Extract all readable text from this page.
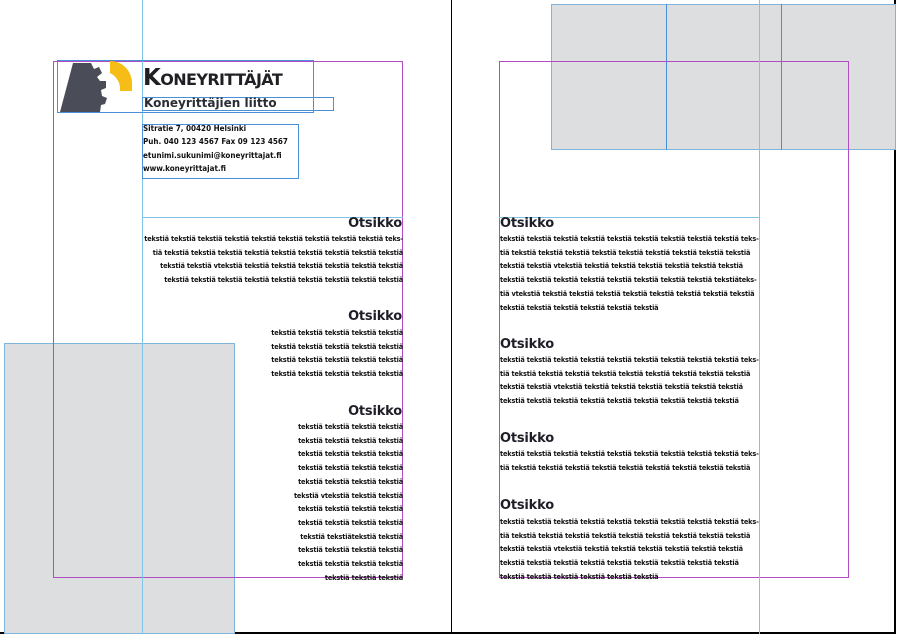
Koneyrittäjät
Koneyrittäjien liitto
Sitratie 7, 00420 Helsinki
Puh. 040 123 4567 Fax 09 123 4567
etunimi.sukunimi@koneyrittajat.fi
www.koneyrittajat.fi
Otsikko
tekstiä tekstiä tekstiä tekstiä tekstiä tekstiä tekstiä tekstiä tekstiä teks-
tiä tekstiä tekstiä tekstiä tekstiä tekstiä tekstiä tekstiä tekstiä tekstiä
tekstiä tekstiä vtekstiä tekstiä tekstiä tekstiä tekstiä tekstiä tekstiä
tekstiä tekstiä tekstiä tekstiä tekstiä tekstiä tekstiä tekstiä tekstiä
Otsikko
tekstiä tekstiä tekstiä tekstiä tekstiä
tekstiä tekstiä tekstiä tekstiä tekstiä
tekstiä tekstiä tekstiä tekstiä tekstiä
tekstiä tekstiä tekstiä tekstiä tekstiä
Otsikko
tekstiä tekstiä tekstiä tekstiä
tekstiä tekstiä tekstiä tekstiä
tekstiä tekstiä tekstiä tekstiä
tekstiä tekstiä tekstiä tekstiä
tekstiä tekstiä tekstiä tekstiä
tekstiä vtekstiä tekstiä tekstiä
tekstiä tekstiä tekstiä tekstiä
tekstiä tekstiä tekstiä tekstiä
tekstiä tekstiätekstiä tekstiä
tekstiä tekstiä tekstiä tekstiä
tekstiä tekstiä tekstiä tekstiä
tekstiä tekstiä tekstiä
Otsikko
tekstiä tekstiä tekstiä tekstiä tekstiä tekstiä tekstiä tekstiä tekstiä teks-
tiä tekstiä tekstiä tekstiä tekstiä tekstiä tekstiä tekstiä tekstiä tekstiä
tekstiä tekstiä vtekstiä tekstiä tekstiä tekstiä tekstiä tekstiä tekstiä
tekstiä tekstiä tekstiä tekstiä tekstiä tekstiä tekstiä tekstiä tekstiäteks-
tiä vtekstiä tekstiä tekstiä tekstiä tekstiä tekstiä tekstiä tekstiä tekstiä
tekstiä tekstiä tekstiä tekstiä tekstiä tekstiä
Otsikko
tekstiä tekstiä tekstiä tekstiä tekstiä tekstiä tekstiä tekstiä tekstiä teks-
tiä tekstiä tekstiä tekstiä tekstiä tekstiä tekstiä tekstiä tekstiä tekstiä
tekstiä tekstiä vtekstiä tekstiä tekstiä tekstiä tekstiä tekstiä tekstiä
tekstiä tekstiä tekstiä tekstiä tekstiä tekstiä tekstiä tekstiä tekstiä
Otsikko
tekstiä tekstiä tekstiä tekstiä tekstiä tekstiä tekstiä tekstiä tekstiä teks-
tiä tekstiä tekstiä tekstiä tekstiä tekstiä tekstiä tekstiä tekstiä tekstiä
Otsikko
tekstiä tekstiä tekstiä tekstiä tekstiä tekstiä tekstiä tekstiä tekstiä teks-
tiä tekstiä tekstiä tekstiä tekstiä tekstiä tekstiä tekstiä tekstiä tekstiä
tekstiä tekstiä vtekstiä tekstiä tekstiä tekstiä tekstiä tekstiä tekstiä
tekstiä tekstiä tekstiä tekstiä tekstiä tekstiä tekstiä tekstiä tekstiä
tekstiä tekstiä tekstiä tekstiä tekstiä tekstiä
